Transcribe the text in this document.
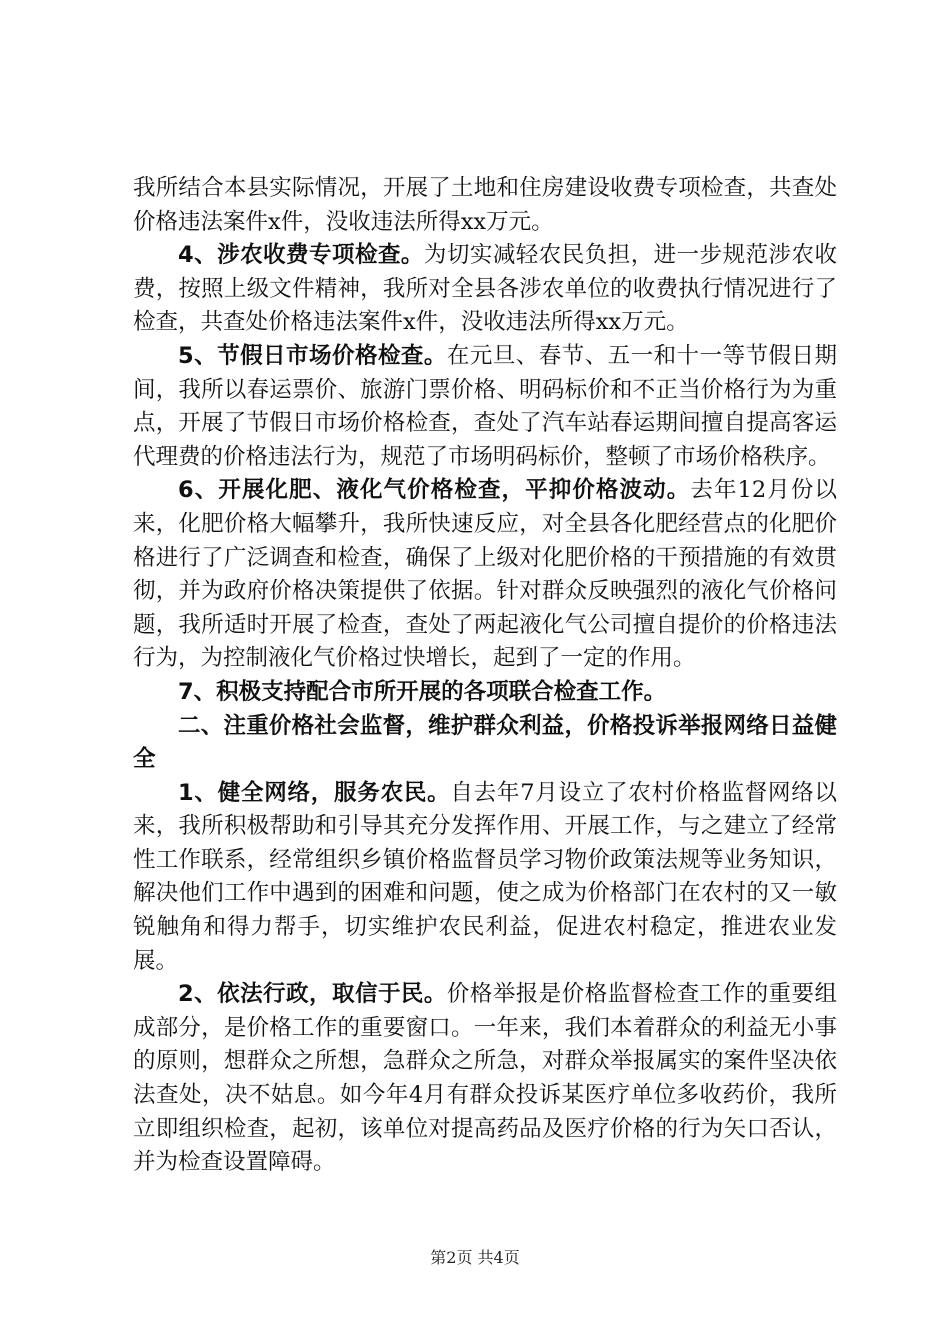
我所结合本县实际情况，开展了土地和住房建设收费专项检查，共查处价格违法案件x件，没收违法所得xx万元。

4、涉农收费专项检查。为切实减轻农民负担，进一步规范涉农收费，按照上级文件精神，我所对全县各涉农单位的收费执行情况进行了检查，共查处价格违法案件x件，没收违法所得xx万元。

5、节假日市场价格检查。在元旦、春节、五一和十一等节假日期间，我所以春运票价、旅游门票价格、明码标价和不正当价格行为为重点，开展了节假日市场价格检查，查处了汽车站春运期间擅自提高客运代理费的价格违法行为，规范了市场明码标价，整顿了市场价格秩序。

6、开展化肥、液化气价格检查，平抑价格波动。去年12月份以来，化肥价格大幅攀升，我所快速反应，对全县各化肥经营点的化肥价格进行了广泛调查和检查，确保了上级对化肥价格的干预措施的有效贯彻，并为政府价格决策提供了依据。针对群众反映强烈的液化气价格问题，我所适时开展了检查，查处了两起液化气公司擅自提价的价格违法行为，为控制液化气价格过快增长，起到了一定的作用。

7、积极支持配合市所开展的各项联合检查工作。

二、注重价格社会监督，维护群众利益，价格投诉举报网络日益健全

1、健全网络，服务农民。自去年7月设立了农村价格监督网络以来，我所积极帮助和引导其充分发挥作用、开展工作，与之建立了经常性工作联系，经常组织乡镇价格监督员学习物价政策法规等业务知识，解决他们工作中遇到的困难和问题，使之成为价格部门在农村的又一敏锐触角和得力帮手，切实维护农民利益，促进农村稳定，推进农业发展。

2、依法行政，取信于民。价格举报是价格监督检查工作的重要组成部分，是价格工作的重要窗口。一年来，我们本着群众的利益无小事的原则，想群众之所想，急群众之所急，对群众举报属实的案件坚决依法查处，决不姑息。如今年4月有群众投诉某医疗单位多收药价，我所立即组织检查，起初，该单位对提高药品及医疗价格的行为矢口否认，并为检查设置障碍。

第2页 共4页
